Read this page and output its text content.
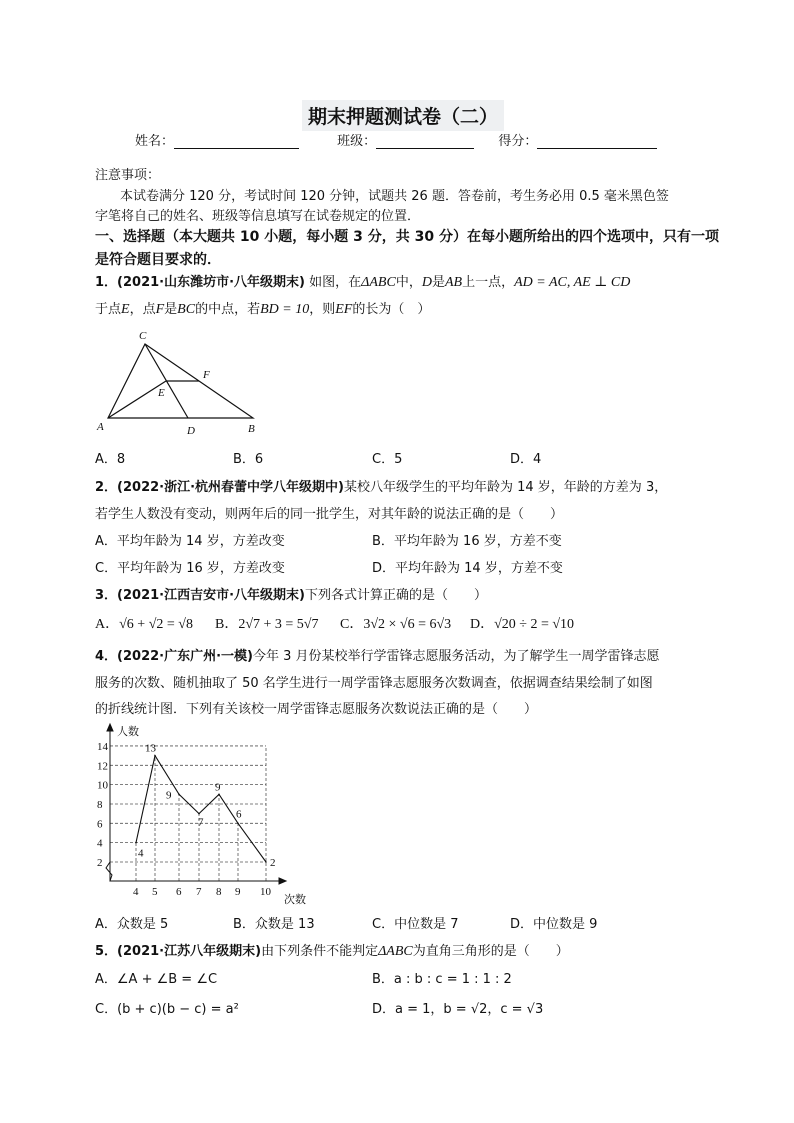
期末押题测试卷（二）
姓名：	班级：	得分：
注意事项：
本试卷满分 120 分，考试时间 120 分钟，试题共 26 题．答卷前，考生务必用 0.5 毫米黑色签
字笔将自己的姓名、班级等信息填写在试卷规定的位置．
一、选择题（本大题共 10 小题，每小题 3 分，共 30 分）在每小题所给出的四个选项中，只有一项
是符合题目要求的．
1．(2021·山东潍坊市·八年级期末) 如图，在ΔABC中，D是AB上一点，AD = AC, AE ⊥ CD
于点E，点F是BC的中点，若BD = 10，则EF的长为（　）
C
A	B
D
E
F
A．8	B．6	C．5	D．4
2．(2022·浙江·杭州春蕾中学八年级期中)某校八年级学生的平均年龄为 14 岁，年龄的方差为 3，
若学生人数没有变动，则两年后的同一批学生，对其年龄的说法正确的是（　　）
A．平均年龄为 14 岁，方差改变	B．平均年龄为 16 岁，方差不变
C．平均年龄为 16 岁，方差改变	D．平均年龄为 14 岁，方差不变
3．(2021·江西吉安市·八年级期末)下列各式计算正确的是（　　）
A．√6 + √2 = √8 B．2√7 + 3 = 5√7 C．3√2 × √6 = 6√3 D．√20 ÷ 2 = √10
4．(2022·广东广州·一模)今年 3 月份某校举行学雷锋志愿服务活动，为了解学生一周学雷锋志愿
服务的次数、随机抽取了 50 名学生进行一周学雷锋志愿服务次数调查，依据调查结果绘制了如图
的折线统计图．下列有关该校一周学雷锋志愿服务次数说法正确的是（　　）
2
4
6
8
10
12
14
4
4
5
13
6
9
7
7
8
9
9
6
10
2
人数
次数
A．众数是 5	B．众数是 13	C．中位数是 7	D．中位数是 9
5．(2021·江苏八年级期末)由下列条件不能判定ΔABC为直角三角形的是（　　）
A．∠A + ∠B = ∠C	B．a : b : c = 1 : 1 : 2
C．(b + c)(b − c) = a²	D．a = 1，b = √2，c = √3
